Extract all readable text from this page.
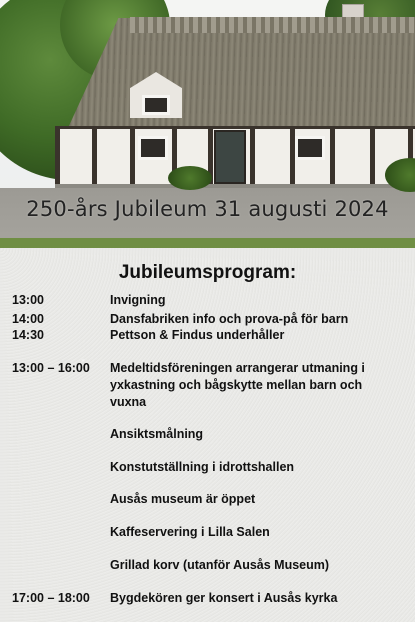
250-års Jubileum 31 augusti 2024
Jubileumsprogram:
13:00	Invigning
14:00	Dansfabriken info och prova-på för barn
14:30	Pettson & Findus underhåller
13:00 – 16:00 Medeltidsföreningen arrangerar utmaning i yxkastning och bågskytte mellan barn och vuxna
Ansiktsmålning
Konstutställning i idrottshallen
Ausås museum är öppet
Kaffeservering i Lilla Salen
Grillad korv (utanför Ausås Museum)
17:00 – 18:00 Bygdekören ger konsert i Ausås kyrka
